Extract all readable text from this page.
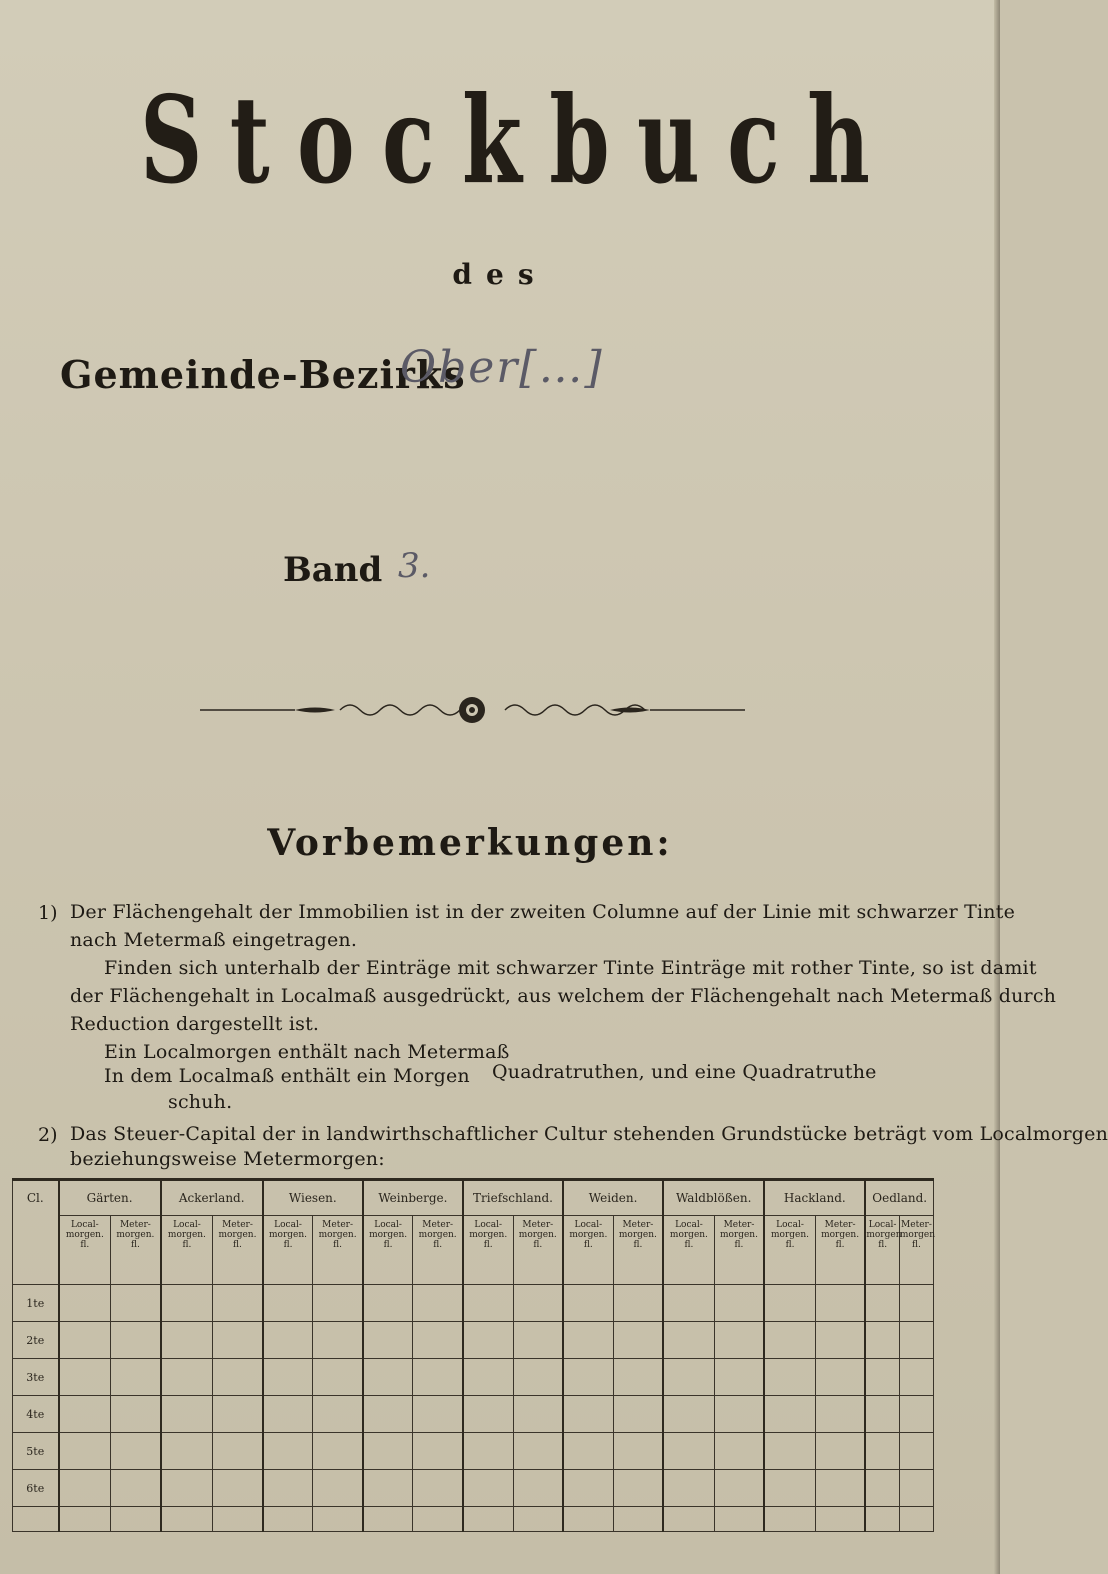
Stockbuch
des
Gemeinde-Bezirks
Ober[…]
Band 3.
Vorbemerkungen:
1) Der Flächengehalt der Immobilien ist in der zweiten Columne auf der Linie mit schwarzer Tinte
nach Metermaß eingetragen.
Finden sich unterhalb der Einträge mit schwarzer Tinte Einträge mit rother Tinte, so ist damit
der Flächengehalt in Localmaß ausgedrückt, aus welchem der Flächengehalt nach Metermaß durch
Reduction dargestellt ist.
Ein Localmorgen enthält nach Metermaß
In dem Localmaß enthält ein Morgen Quadratruthen, und eine Quadratruthe
schuh.
2) Das Steuer-Capital der in landwirthschaftlicher Cultur stehenden Grundstücke beträgt vom Localmorgen
beziehungsweise Metermorgen:
Cl.	Gärten.		Ackerland.		Wiesen.		Weinberge.		Triefschland.		Weiden.		Waldblößen.		Hackland.		Oedland.	

	Local-
morgen.
fl.	Meter-
morgen.
fl.	Local-
morgen.
fl.	Meter-
morgen.
fl.	Local-
morgen.
fl.	Meter-
morgen.
fl.	Local-
morgen.
fl.	Meter-
morgen.
fl.	Local-
morgen.
fl.	Meter-
morgen.
fl.	Local-
morgen.
fl.	Meter-
morgen.
fl.	Local-
morgen.
fl.	Meter-
morgen.
fl.	Local-
morgen.
fl.	Meter-
morgen.
fl.	Local-
morgen
fl.	Meter-
morgen
fl.

1te																		
2te																		
3te																		
4te																		
5te																		
6te																		
